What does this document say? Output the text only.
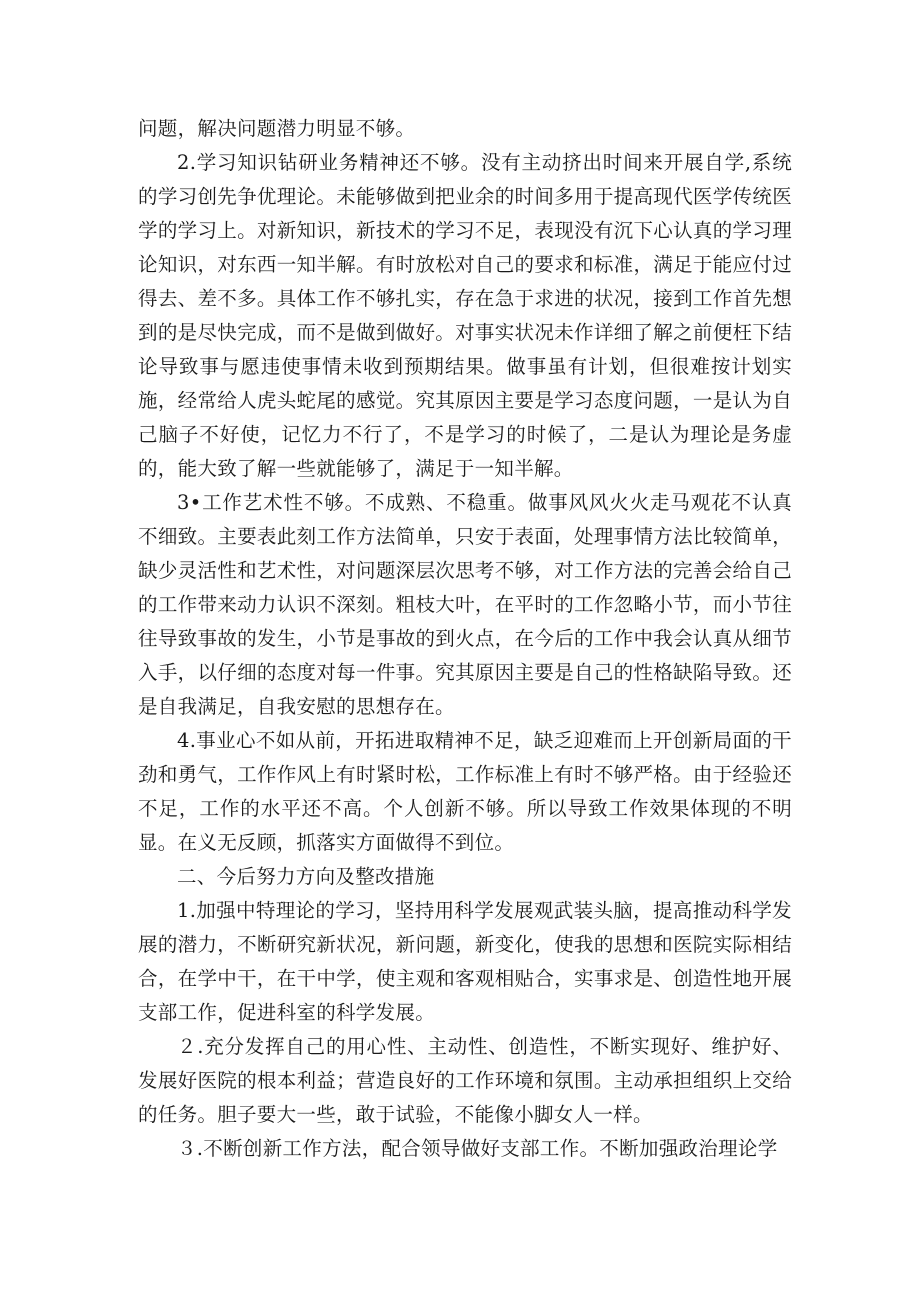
问题，解决问题潜力明显不够。

2.学习知识钻研业务精神还不够。没有主动挤出时间来开展自学,系统的学习创先争优理论。未能够做到把业余的时间多用于提高现代医学传统医学的学习上。对新知识，新技术的学习不足，表现没有沉下心认真的学习理论知识，对东西一知半解。有时放松对自己的要求和标准，满足于能应付过得去、差不多。具体工作不够扎实，存在急于求进的状况，接到工作首先想到的是尽快完成，而不是做到做好。对事实状况未作详细了解之前便枉下结论导致事与愿违使事情未收到预期结果。做事虽有计划，但很难按计划实施，经常给人虎头蛇尾的感觉。究其原因主要是学习态度问题，一是认为自己脑子不好使，记忆力不行了，不是学习的时候了，二是认为理论是务虚的，能大致了解一些就能够了，满足于一知半解。

3•工作艺术性不够。不成熟、不稳重。做事风风火火走马观花不认真不细致。主要表此刻工作方法简单，只安于表面，处理事情方法比较简单，缺少灵活性和艺术性，对问题深层次思考不够，对工作方法的完善会给自己的工作带来动力认识不深刻。粗枝大叶，在平时的工作忽略小节，而小节往往导致事故的发生，小节是事故的到火点，在今后的工作中我会认真从细节入手，以仔细的态度对每一件事。究其原因主要是自己的性格缺陷导致。还是自我满足，自我安慰的思想存在。

4.事业心不如从前，开拓进取精神不足，缺乏迎难而上开创新局面的干劲和勇气，工作作风上有时紧时松，工作标准上有时不够严格。由于经验还不足，工作的水平还不高。个人创新不够。所以导致工作效果体现的不明显。在义无反顾，抓落实方面做得不到位。

二、今后努力方向及整改措施

1.加强中特理论的学习，坚持用科学发展观武装头脑，提高推动科学发展的潜力，不断研究新状况，新问题，新变化，使我的思想和医院实际相结合，在学中干，在干中学，使主观和客观相贴合，实事求是、创造性地开展支部工作，促进科室的科学发展。

２.充分发挥自己的用心性、主动性、创造性，不断实现好、维护好、发展好医院的根本利益；营造良好的工作环境和氛围。主动承担组织上交给的任务。胆子要大一些，敢于试验，不能像小脚女人一样。

３.不断创新工作方法，配合领导做好支部工作。不断加强政治理论学
